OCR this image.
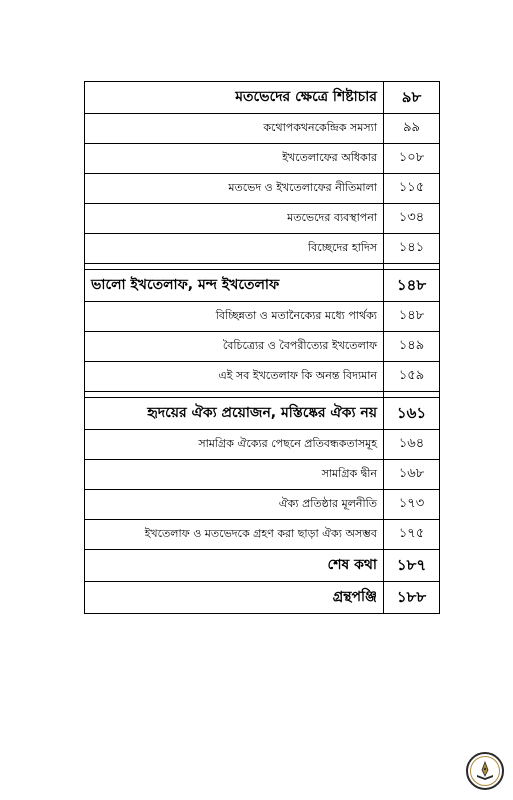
মতভেদের ক্ষেত্রে শিষ্টাচার	৯৮
কথোপকথনকেন্দ্রিক সমস্যা	৯৯
ইখতেলাফের অধিকার	১০৮
মতভেদ ও ইখতেলাফের নীতিমালা	১১৫
মতভেদের ব্যবস্থাপনা	১৩৪
বিচ্ছেদের হাদিস	১৪১

ভালো ইখতেলাফ, মন্দ ইখতেলাফ	১৪৮
বিচ্ছিন্নতা ও মতানৈক্যের মধ্যে পার্থক্য	১৪৮
বৈচিত্র্যের ও বৈপরীত্যের ইখতেলাফ	১৪৯
এই সব ইখতেলাফ কি অনন্ত বিদ্যমান	১৫৯

হৃদয়ের ঐক্য প্রয়োজন, মস্তিষ্কের ঐক্য নয়	১৬১
সামগ্রিক ঐক্যের পেছনে প্রতিবন্ধকতাসমূহ	১৬৪
সামগ্রিক দ্বীন	১৬৮
ঐক্য প্রতিষ্ঠার মূলনীতি	১৭৩
ইখতেলাফ ও মতভেদকে গ্রহণ করা ছাড়া ঐক্য অসম্ভব	১৭৫
শেষ কথা	১৮৭
গ্রন্থপঞ্জি	১৮৮
